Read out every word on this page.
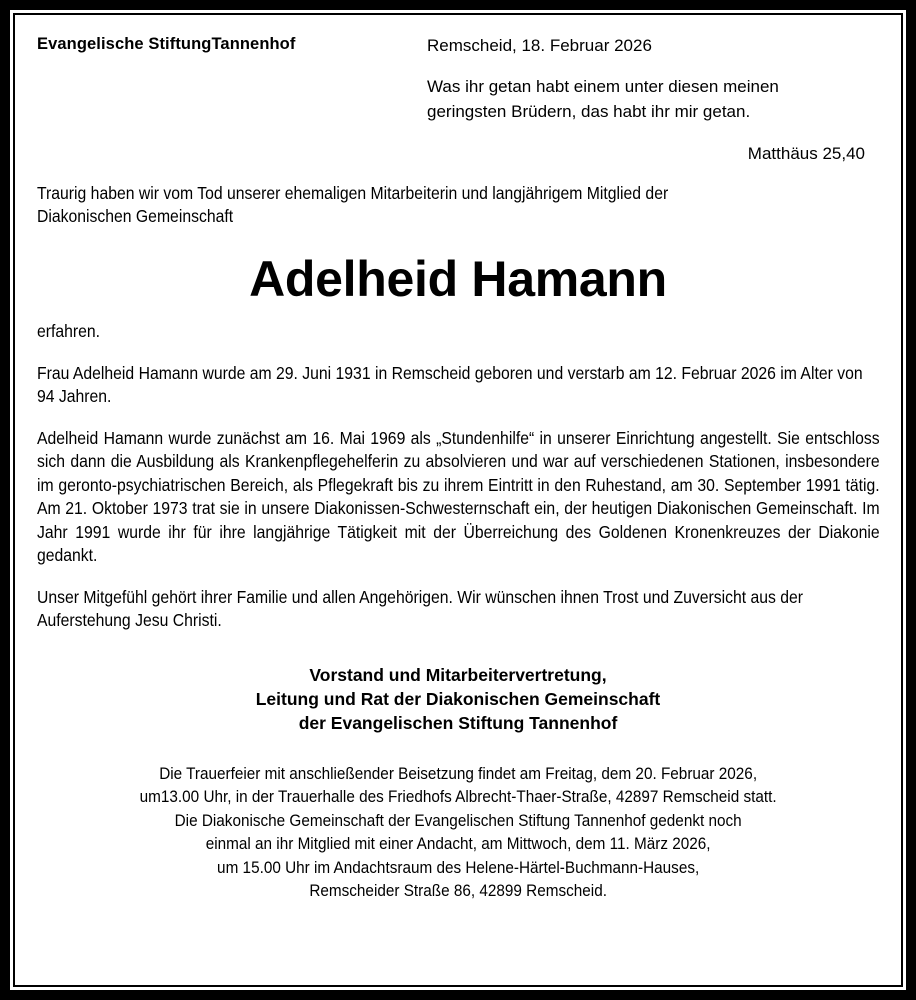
Evangelische StiftungTannenhof	Remscheid, 18. Februar 2026
Was ihr getan habt einem unter diesen meinen
geringsten Brüdern, das habt ihr mir getan.
Matthäus 25,40
Traurig haben wir vom Tod unserer ehemaligen Mitarbeiterin und langjährigem Mitglied der
Diakonischen Gemeinschaft
Adelheid Hamann
erfahren.
Frau Adelheid Hamann wurde am 29. Juni 1931 in Remscheid geboren und verstarb am 12. Februar 2026 im Alter von 94 Jahren.
Adelheid Hamann wurde zunächst am 16. Mai 1969 als „Stundenhilfe“ in unserer Einrichtung angestellt. Sie entschloss sich dann die Ausbildung als Krankenpflegehelferin zu absolvieren und war auf verschiedenen Stationen, insbesondere im geronto-psychiatrischen Bereich, als Pflegekraft bis zu ihrem Eintritt in den Ruhestand, am 30. September 1991 tätig. Am 21. Oktober 1973 trat sie in unsere Diakonissen-Schwesternschaft ein, der heutigen Diakonischen Gemeinschaft. Im Jahr 1991 wurde ihr für ihre langjährige Tätigkeit mit der Überreichung des Goldenen Kronenkreuzes der Diakonie gedankt.
Unser Mitgefühl gehört ihrer Familie und allen Angehörigen. Wir wünschen ihnen Trost und Zuversicht aus der Auferstehung Jesu Christi.
Vorstand und Mitarbeitervertretung,
Leitung und Rat der Diakonischen Gemeinschaft
der Evangelischen Stiftung Tannenhof
Die Trauerfeier mit anschließender Beisetzung findet am Freitag, dem 20. Februar 2026,
um13.00 Uhr, in der Trauerhalle des Friedhofs Albrecht-Thaer-Straße, 42897 Remscheid statt.
Die Diakonische Gemeinschaft der Evangelischen Stiftung Tannenhof gedenkt noch
einmal an ihr Mitglied mit einer Andacht, am Mittwoch, dem 11. März 2026,
um 15.00 Uhr im Andachtsraum des Helene-Härtel-Buchmann-Hauses,
Remscheider Straße 86, 42899 Remscheid.
